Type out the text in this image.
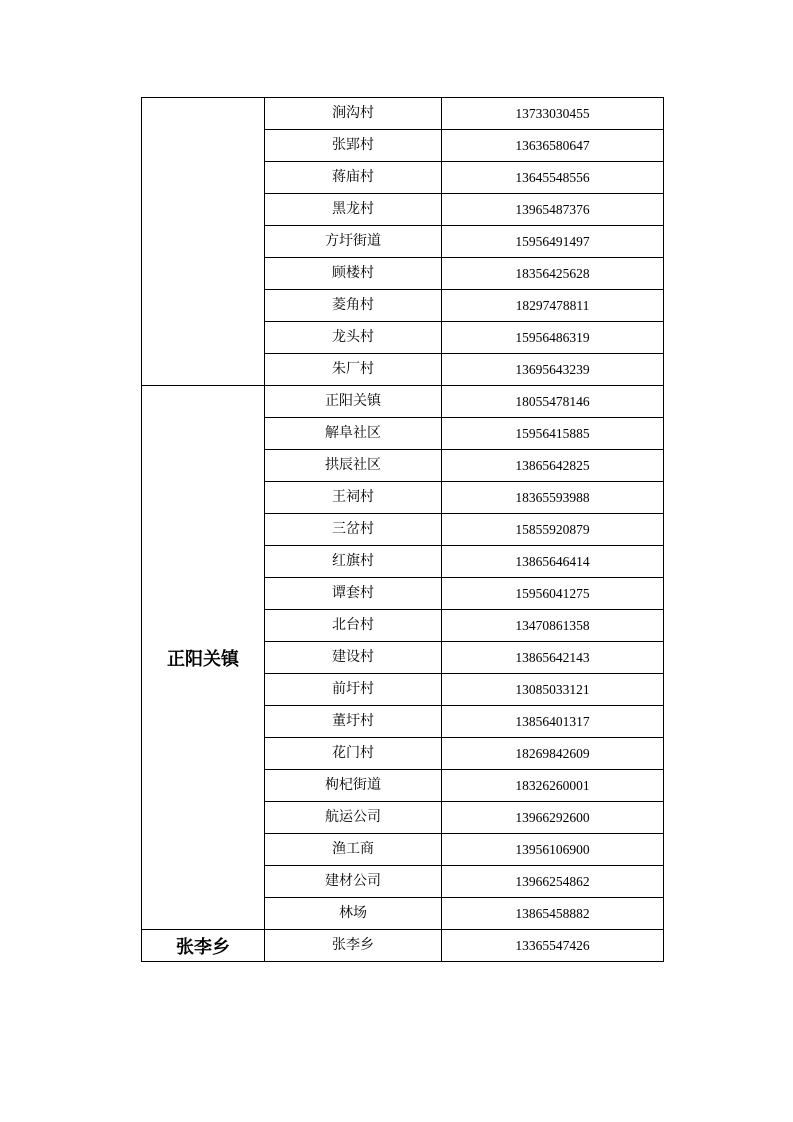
	涧沟村	13733030455

	张郢村	13636580647

	蒋庙村	13645548556

	黑龙村	13965487376

	方圩街道	15956491497

	顾楼村	18356425628

	菱角村	18297478811

	龙头村	15956486319

	朱厂村	13695643239

正阳关镇	正阳关镇	18055478146

	解阜社区	15956415885

	拱辰社区	13865642825

	王祠村	18365593988

	三岔村	15855920879

	红旗村	13865646414

	谭套村	15956041275

	北台村	13470861358

	建设村	13865642143

	前圩村	13085033121

	董圩村	13856401317

	花门村	18269842609

	枸杞街道	18326260001

	航运公司	13966292600

	渔工商	13956106900

	建材公司	13966254862

	林场	13865458882

张李乡	张李乡	13365547426
